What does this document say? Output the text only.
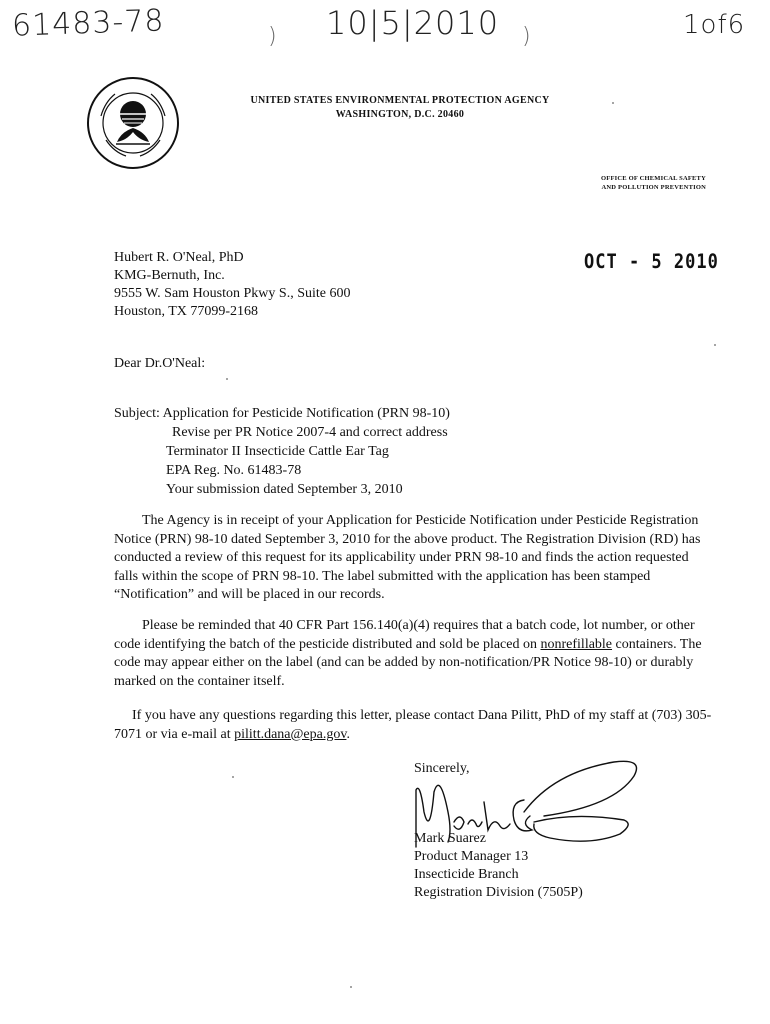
61483-78	) 10|5|2010 )	1of6
UNITED STATES ENVIRONMENTAL PROTECTION AGENCY
WASHINGTON, D.C. 20460
OFFICE OF CHEMICAL SAFETY
AND POLLUTION PREVENTION
Hubert R. O'Neal, PhD
KMG-Bernuth, Inc.
9555 W. Sam Houston Pkwy S., Suite 600
Houston, TX 77099-2168
OCT - 5 2010
Dear Dr.O'Neal:
Subject: Application for Pesticide Notification (PRN 98-10)
Revise per PR Notice 2007-4 and correct address
Terminator II Insecticide Cattle Ear Tag
EPA Reg. No. 61483-78
Your submission dated September 3, 2010
The Agency is in receipt of your Application for Pesticide Notification under Pesticide Registration Notice (PRN) 98-10 dated September 3, 2010 for the above product. The Registration Division (RD) has conducted a review of this request for its applicability under PRN 98-10 and finds the action requested falls within the scope of PRN 98-10. The label submitted with the application has been stamped “Notification” and will be placed in our records.
Please be reminded that 40 CFR Part 156.140(a)(4) requires that a batch code, lot number, or other code identifying the batch of the pesticide distributed and sold be placed on nonrefillable containers. The code may appear either on the label (and can be added by non-notification/PR Notice 98-10) or durably marked on the container itself.
If you have any questions regarding this letter, please contact Dana Pilitt, PhD of my staff at (703) 305-7071 or via e-mail at pilitt.dana@epa.gov.
Sincerely,
Mark Suarez
Product Manager 13
Insecticide Branch
Registration Division (7505P)
